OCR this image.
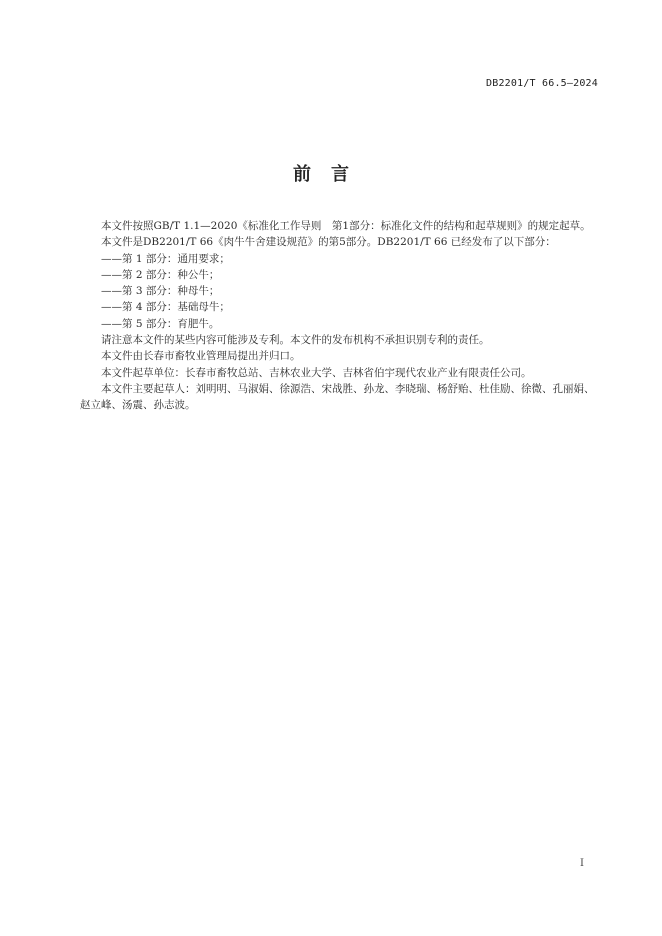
DB2201/T 66.5—2024
前言

本文件按照GB/T 1.1—2020《标准化工作导则　第1部分：标准化文件的结构和起草规则》的规定起草。

本文件是DB2201/T 66《肉牛牛舍建设规范》的第5部分。DB2201/T 66 已经发布了以下部分：

——第 1 部分：通用要求；

——第 2 部分：种公牛；

——第 3 部分：种母牛；

——第 4 部分：基础母牛；

——第 5 部分：育肥牛。

请注意本文件的某些内容可能涉及专利。本文件的发布机构不承担识别专利的责任。

本文件由长春市畜牧业管理局提出并归口。

本文件起草单位：长春市畜牧总站、吉林农业大学、吉林省伯宇现代农业产业有限责任公司。

本文件主要起草人：刘明明、马淑娟、徐源浩、宋战胜、孙龙、李晓瑞、杨舒贻、杜佳励、徐微、孔丽娟、赵立峰、汤震、孙志波。

I
